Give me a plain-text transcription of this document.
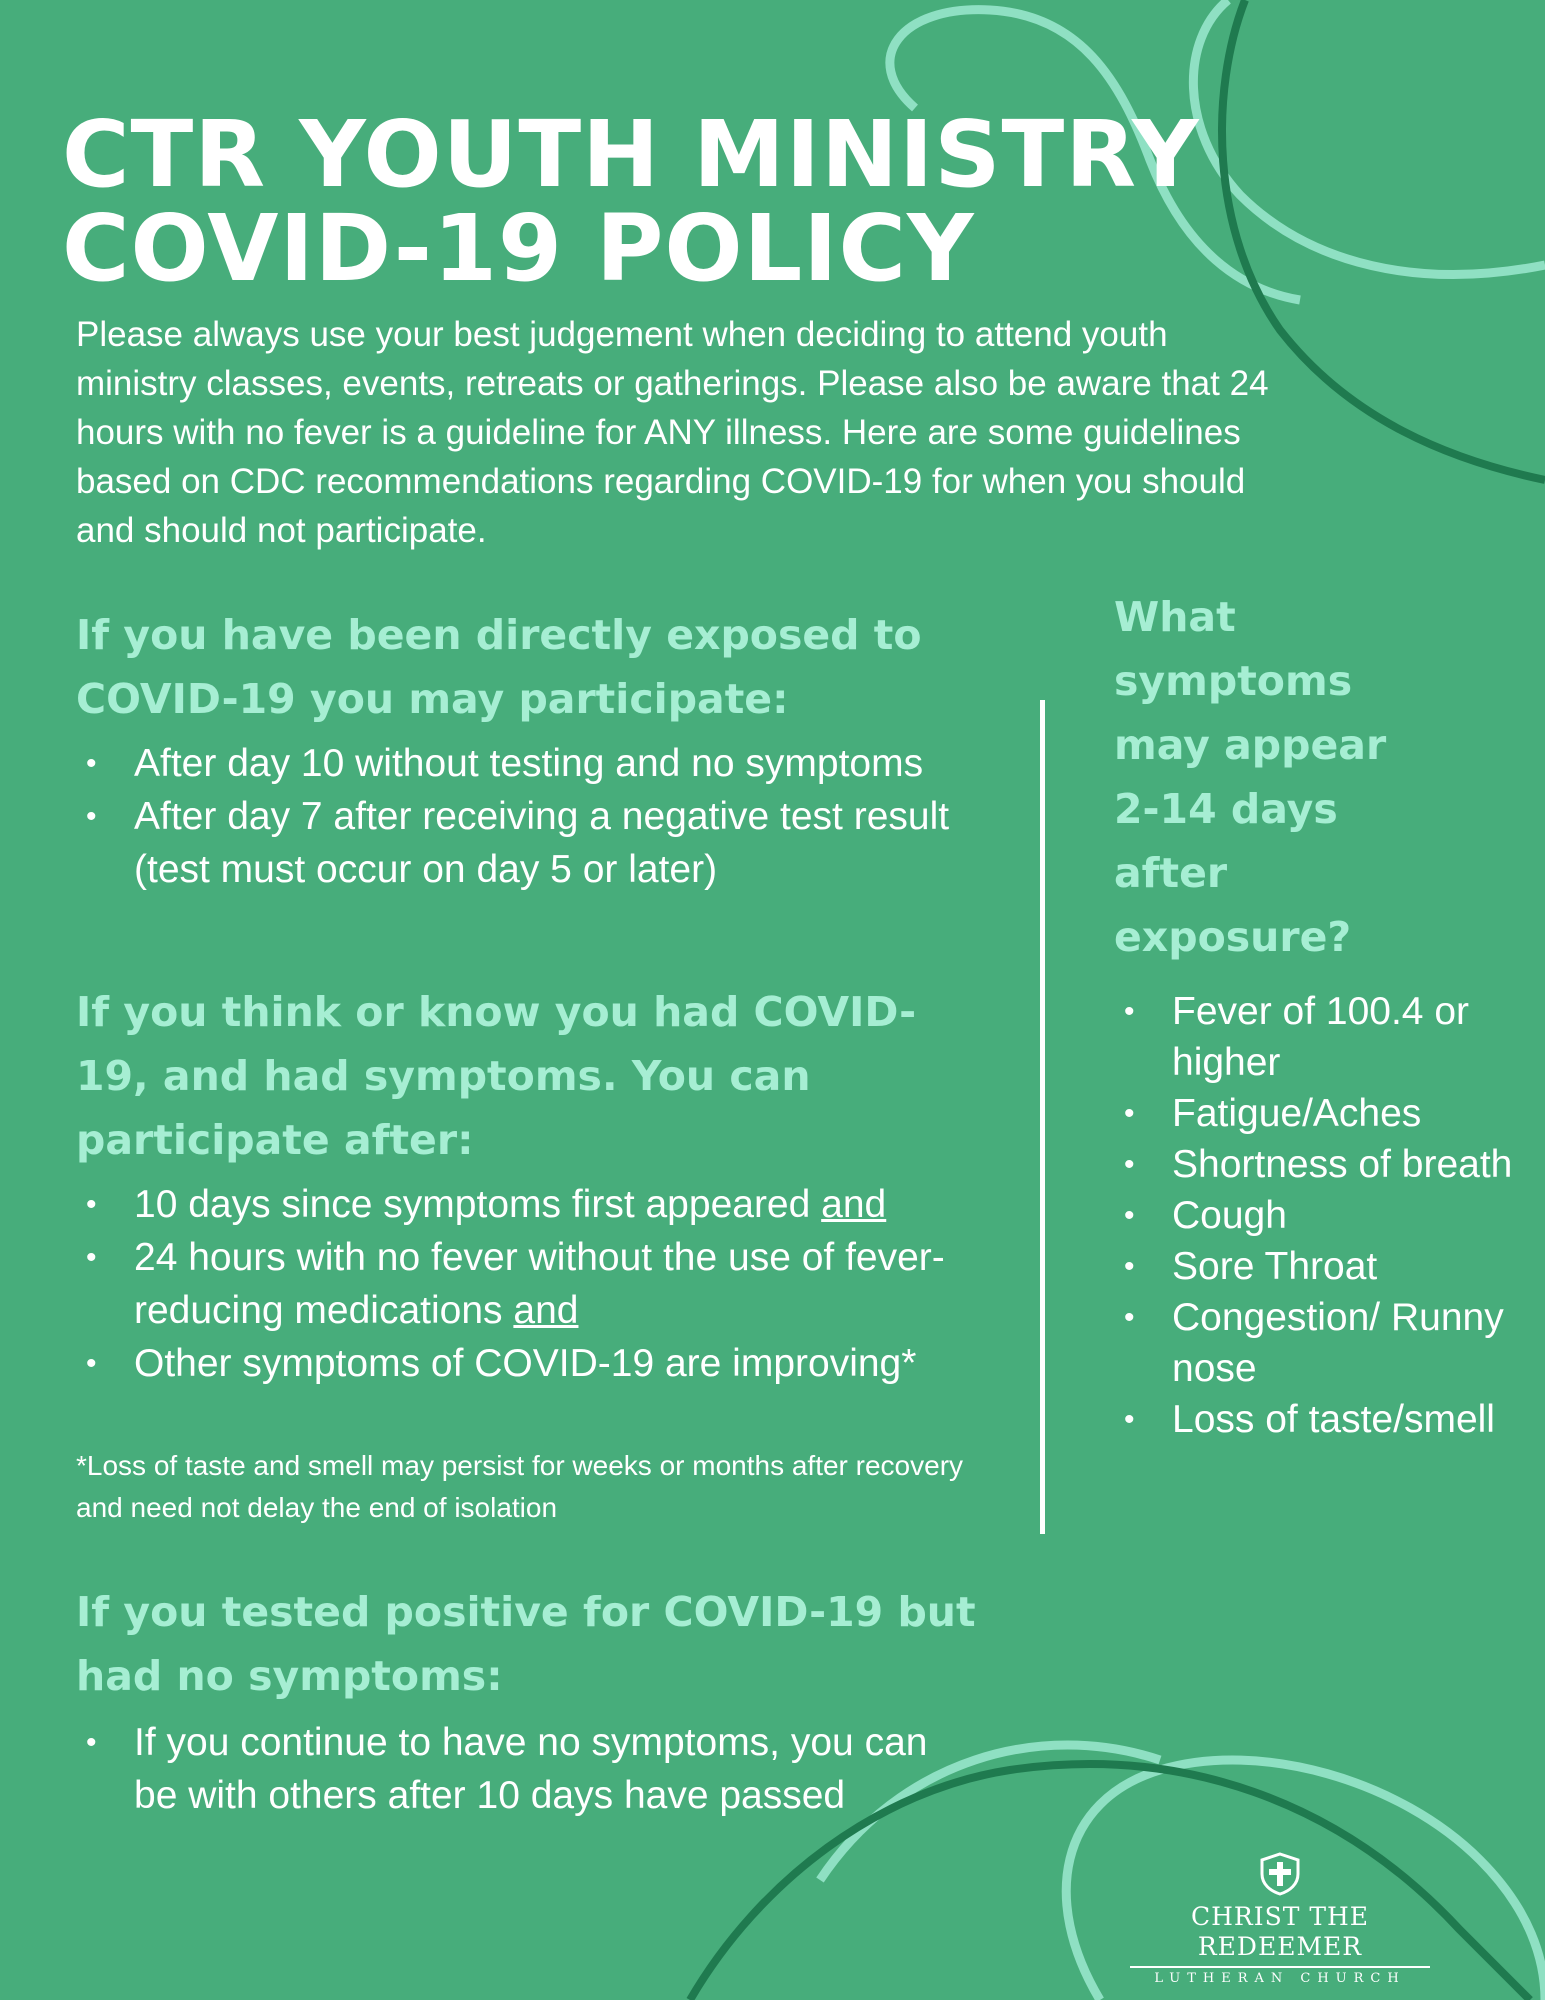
CTR YOUTH MINISTRY
COVID-19 POLICY

Please always use your best judgement when deciding to attend youth ministry classes, events, retreats or gatherings. Please also be aware that 24 hours with no fever is a guideline for ANY illness. Here are some guidelines based on CDC recommendations regarding COVID-19 for when you should and should not participate.

If you have been directly exposed to COVID-19 you may participate:
• After day 10 without testing and no symptoms
• After day 7 after receiving a negative test result (test must occur on day 5 or later)
If you think or know you had COVID-19, and had symptoms. You can participate after:
• 10 days since symptoms first appeared and
• 24 hours with no fever without the use of fever-reducing medications and
• Other symptoms of COVID-19 are improving*

*Loss of taste and smell may persist for weeks or months after recovery and need not delay the end of isolation

If you tested positive for COVID-19 but had no symptoms:
• If you continue to have no symptoms, you can be with others after 10 days have passed
What symptoms may appear 2-14 days after exposure?
• Fever of 100.4 or higher
• Fatigue/Aches
• Shortness of breath
• Cough
• Sore Throat
• Congestion/ Runny nose
• Loss of taste/smell
CHRIST THE REDEEMER
LUTHERAN CHURCH
